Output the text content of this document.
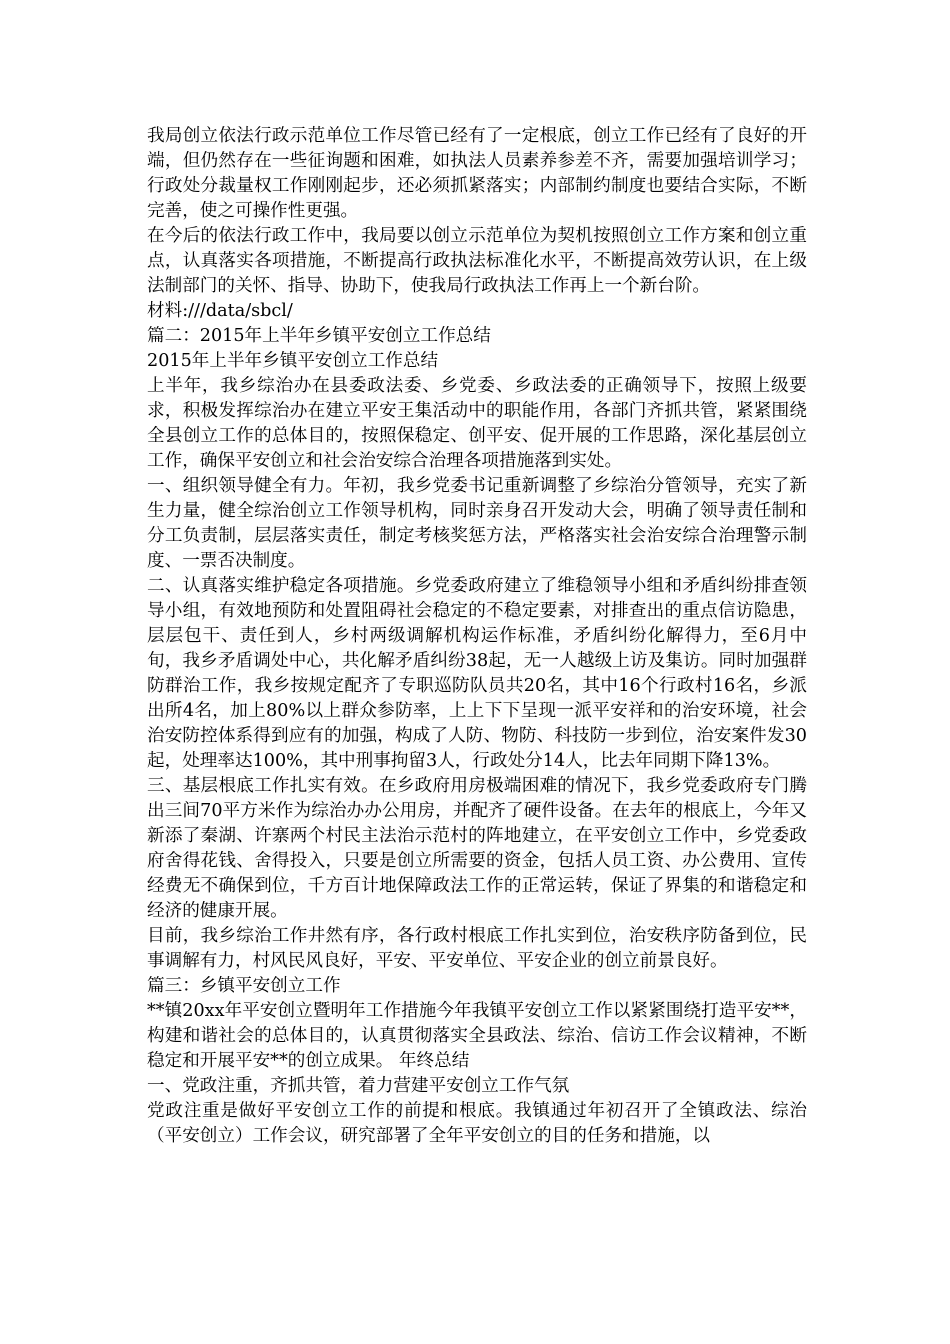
我局创立依法行政示范单位工作尽管已经有了一定根底，创立工作已经有了良好的开端，但仍然存在一些征询题和困难，如执法人员素养参差不齐，需要加强培训学习；行政处分裁量权工作刚刚起步，还必须抓紧落实；内部制约制度也要结合实际，不断完善，使之可操作性更强。

在今后的依法行政工作中，我局要以创立示范单位为契机按照创立工作方案和创立重点，认真落实各项措施，不断提高行政执法标准化水平，不断提高效劳认识，在上级法制部门的关怀、指导、协助下，使我局行政执法工作再上一个新台阶。

材料:///data/sbcl/

篇二：2015年上半年乡镇平安创立工作总结

2015年上半年乡镇平安创立工作总结

上半年，我乡综治办在县委政法委、乡党委、乡政法委的正确领导下，按照上级要求，积极发挥综治办在建立平安王集活动中的职能作用，各部门齐抓共管，紧紧围绕全县创立工作的总体目的，按照保稳定、创平安、促开展的工作思路，深化基层创立工作，确保平安创立和社会治安综合治理各项措施落到实处。

一、组织领导健全有力。年初，我乡党委书记重新调整了乡综治分管领导，充实了新生力量，健全综治创立工作领导机构，同时亲身召开发动大会，明确了领导责任制和分工负责制，层层落实责任，制定考核奖惩方法，严格落实社会治安综合治理警示制度、一票否决制度。

二、认真落实维护稳定各项措施。乡党委政府建立了维稳领导小组和矛盾纠纷排查领导小组，有效地预防和处置阻碍社会稳定的不稳定要素，对排查出的重点信访隐患，层层包干、责任到人，乡村两级调解机构运作标准，矛盾纠纷化解得力，至6月中旬，我乡矛盾调处中心，共化解矛盾纠纷38起，无一人越级上访及集访。同时加强群防群治工作，我乡按规定配齐了专职巡防队员共20名，其中16个行政村16名，乡派出所4名，加上80%以上群众参防率，上上下下呈现一派平安祥和的治安环境，社会治安防控体系得到应有的加强，构成了人防、物防、科技防一步到位，治安案件发30起，处理率达100%，其中刑事拘留3人，行政处分14人，比去年同期下降13%。

三、基层根底工作扎实有效。在乡政府用房极端困难的情况下，我乡党委政府专门腾出三间70平方米作为综治办办公用房，并配齐了硬件设备。在去年的根底上，今年又新添了秦湖、许寨两个村民主法治示范村的阵地建立，在平安创立工作中，乡党委政府舍得花钱、舍得投入，只要是创立所需要的资金，包括人员工资、办公费用、宣传经费无不确保到位，千方百计地保障政法工作的正常运转，保证了界集的和谐稳定和经济的健康开展。

目前，我乡综治工作井然有序，各行政村根底工作扎实到位，治安秩序防备到位，民事调解有力，村风民风良好，平安、平安单位、平安企业的创立前景良好。

篇三：乡镇平安创立工作

**镇20xx年平安创立暨明年工作措施今年我镇平安创立工作以紧紧围绕打造平安**，构建和谐社会的总体目的，认真贯彻落实全县政法、综治、信访工作会议精神，不断稳定和开展平安**的创立成果。 年终总结

一、党政注重，齐抓共管，着力营建平安创立工作气氛

党政注重是做好平安创立工作的前提和根底。我镇通过年初召开了全镇政法、综治（平安创立）工作会议，研究部署了全年平安创立的目的任务和措施，以
